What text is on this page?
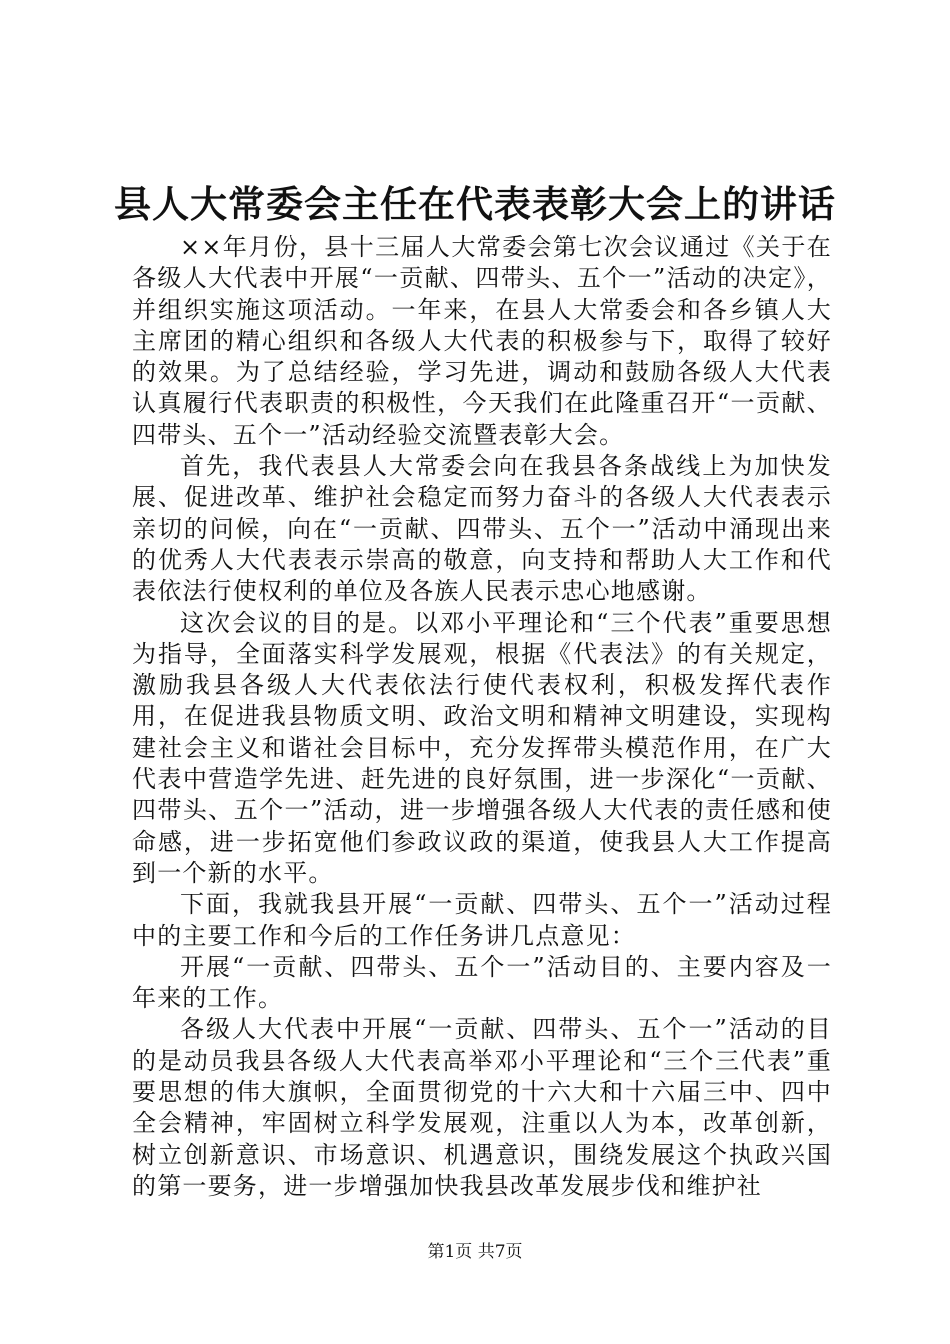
县人大常委会主任在代表表彰大会上的讲话

××年月份，县十三届人大常委会第七次会议通过《关于在各级人大代表中开展“一贡献、四带头、五个一”活动的决定》，并组织实施这项活动。一年来，在县人大常委会和各乡镇人大主席团的精心组织和各级人大代表的积极参与下，取得了较好的效果。为了总结经验，学习先进，调动和鼓励各级人大代表认真履行代表职责的积极性，今天我们在此隆重召开“一贡献、四带头、五个一”活动经验交流暨表彰大会。

首先，我代表县人大常委会向在我县各条战线上为加快发展、促进改革、维护社会稳定而努力奋斗的各级人大代表表示亲切的问候，向在“一贡献、四带头、五个一”活动中涌现出来的优秀人大代表表示崇高的敬意，向支持和帮助人大工作和代表依法行使权利的单位及各族人民表示忠心地感谢。

这次会议的目的是。以邓小平理论和“三个代表”重要思想为指导，全面落实科学发展观，根据《代表法》的有关规定，激励我县各级人大代表依法行使代表权利，积极发挥代表作用，在促进我县物质文明、政治文明和精神文明建设，实现构建社会主义和谐社会目标中，充分发挥带头模范作用，在广大代表中营造学先进、赶先进的良好氛围，进一步深化“一贡献、四带头、五个一”活动，进一步增强各级人大代表的责任感和使命感，进一步拓宽他们参政议政的渠道，使我县人大工作提高到一个新的水平。

下面，我就我县开展“一贡献、四带头、五个一”活动过程中的主要工作和今后的工作任务讲几点意见：

开展“一贡献、四带头、五个一”活动目的、主要内容及一年来的工作。

各级人大代表中开展“一贡献、四带头、五个一”活动的目的是动员我县各级人大代表高举邓小平理论和“三个三代表”重要思想的伟大旗帜，全面贯彻党的十六大和十六届三中、四中全会精神，牢固树立科学发展观，注重以人为本，改革创新，树立创新意识、市场意识、机遇意识，围绕发展这个执政兴国的第一要务，进一步增强加快我县改革发展步伐和维护社

第1页 共7页
